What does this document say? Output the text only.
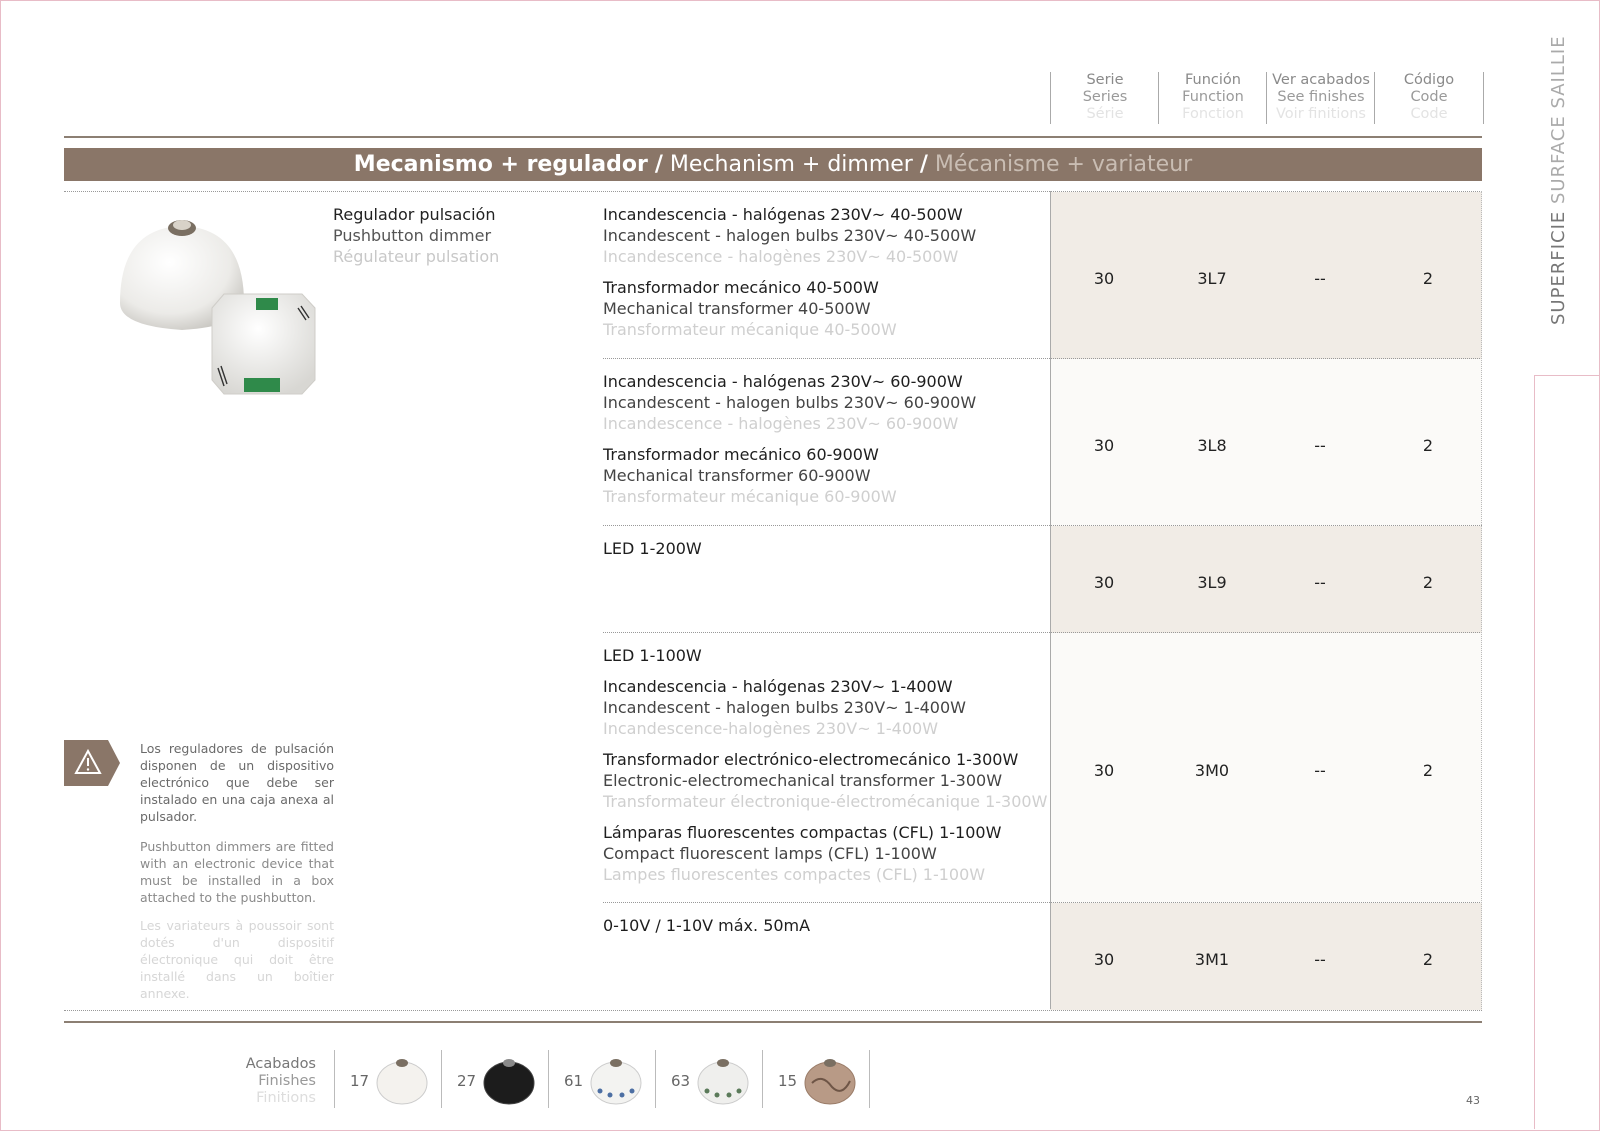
SUPERFICIE SURFACE SAILLIE
Serie
Series
Série
Función
Function
Fonction
Ver acabados
See finishes
Voir finitions
Código
Code
Code
Mecanismo + regulador / Mechanism + dimmer / Mécanisme + variateur
Regulador pulsación
Pushbutton dimmer
Régulateur pulsation
Incandescencia - halógenas 230V~ 40-500W
Incandescent - halogen bulbs 230V~ 40-500W
Incandescence - halogènes 230V~ 40-500W
Transformador mecánico 40-500W
Mechanical transformer 40-500W
Transformateur mécanique 40-500W
30	3L7	--	2
Incandescencia - halógenas 230V~ 60-900W
Incandescent - halogen bulbs 230V~ 60-900W
Incandescence - halogènes 230V~ 60-900W
Transformador mecánico 60-900W
Mechanical transformer 60-900W
Transformateur mécanique 60-900W
30	3L8	--	2
LED 1-200W
30	3L9	--	2
LED 1-100W
Incandescencia - halógenas 230V~ 1-400W
Incandescent - halogen bulbs 230V~ 1-400W
Incandescence-halogènes 230V~ 1-400W
Transformador electrónico-electromecánico 1-300W
Electronic-electromechanical transformer 1-300W
Transformateur électronique-électromécanique 1-300W
Lámparas fluorescentes compactas (CFL) 1-100W
Compact fluorescent lamps (CFL) 1-100W
Lampes fluorescentes compactes (CFL) 1-100W
30	3M0	--	2
0-10V / 1-10V máx. 50mA
30	3M1	--	2
Los reguladores de pulsación disponen de un dispositivo electrónico que debe ser instalado en una caja anexa al pulsador.
Pushbutton dimmers are fitted with an electronic device that must be installed in a box attached to the pushbutton.
Les variateurs à poussoir sont dotés d'un dispositif électronique qui doit être installé dans un boîtier annexe.
Acabados
Finishes
Finitions
17	27	61	63	15
43
